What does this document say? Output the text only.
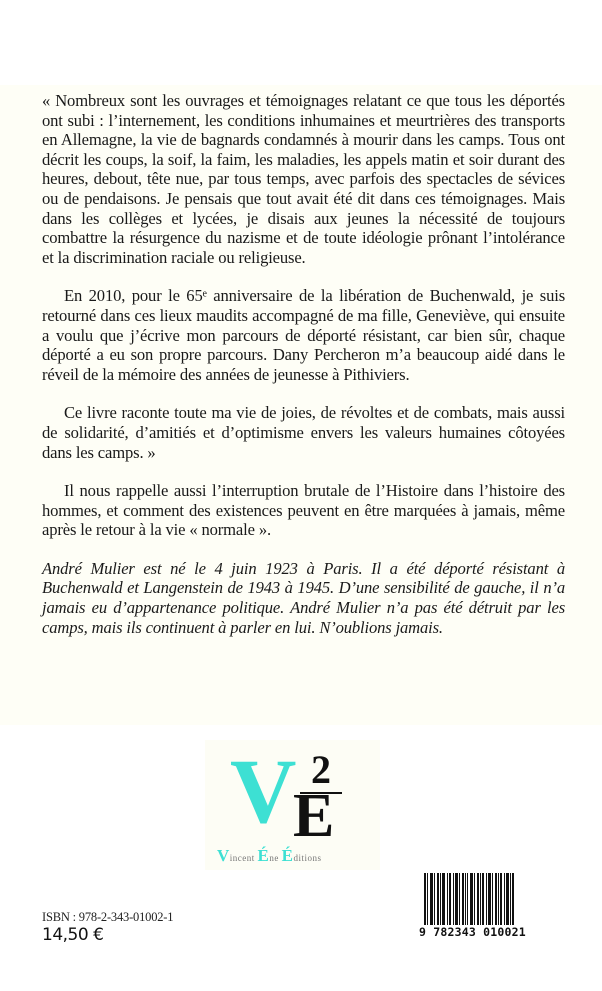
« Nombreux sont les ouvrages et témoignages relatant ce que tous les déportés ont subi : l’internement, les conditions inhumaines et meurtrières des transports en Allemagne, la vie de bagnards condamnés à mourir dans les camps. Tous ont décrit les coups, la soif, la faim, les maladies, les appels matin et soir durant des heures, debout, tête nue, par tous temps, avec parfois des spectacles de sévices ou de pendaisons. Je pensais que tout avait été dit dans ces témoignages. Mais dans les collèges et lycées, je disais aux jeunes la nécessité de toujours combattre la résurgence du nazisme et de toute idéologie prônant l’intolérance et la discrimination raciale ou religieuse.

En 2010, pour le 65ᵉ anniversaire de la libération de Buchenwald, je suis retourné dans ces lieux maudits accompagné de ma fille, Geneviève, qui ensuite a voulu que j’écrive mon parcours de déporté résistant, car bien sûr, chaque déporté a eu son propre parcours. Dany Percheron m’a beaucoup aidé dans le réveil de la mémoire des années de jeunesse à Pithiviers.

Ce livre raconte toute ma vie de joies, de révoltes et de combats, mais aussi de solidarité, d’amitiés et d’optimisme envers les valeurs humaines côtoyées dans les camps. »

Il nous rappelle aussi l’interruption brutale de l’Histoire dans l’histoire des hommes, et comment des existences peuvent en être marquées à jamais, même après le retour à la vie « normale ».

André Mulier est né le 4 juin 1923 à Paris. Il a été déporté résistant à Buchenwald et Langenstein de 1943 à 1945. D’une sensibilité de gauche, il n’a jamais eu d’appartenance politique. André Mulier n’a pas été détruit par les camps, mais ils continuent à parler en lui. N’oublions jamais.

V 2
E
Vincent Éne Éditions
ISBN : 978-2-343-01002-1
14,50 €	9 782343 010021
